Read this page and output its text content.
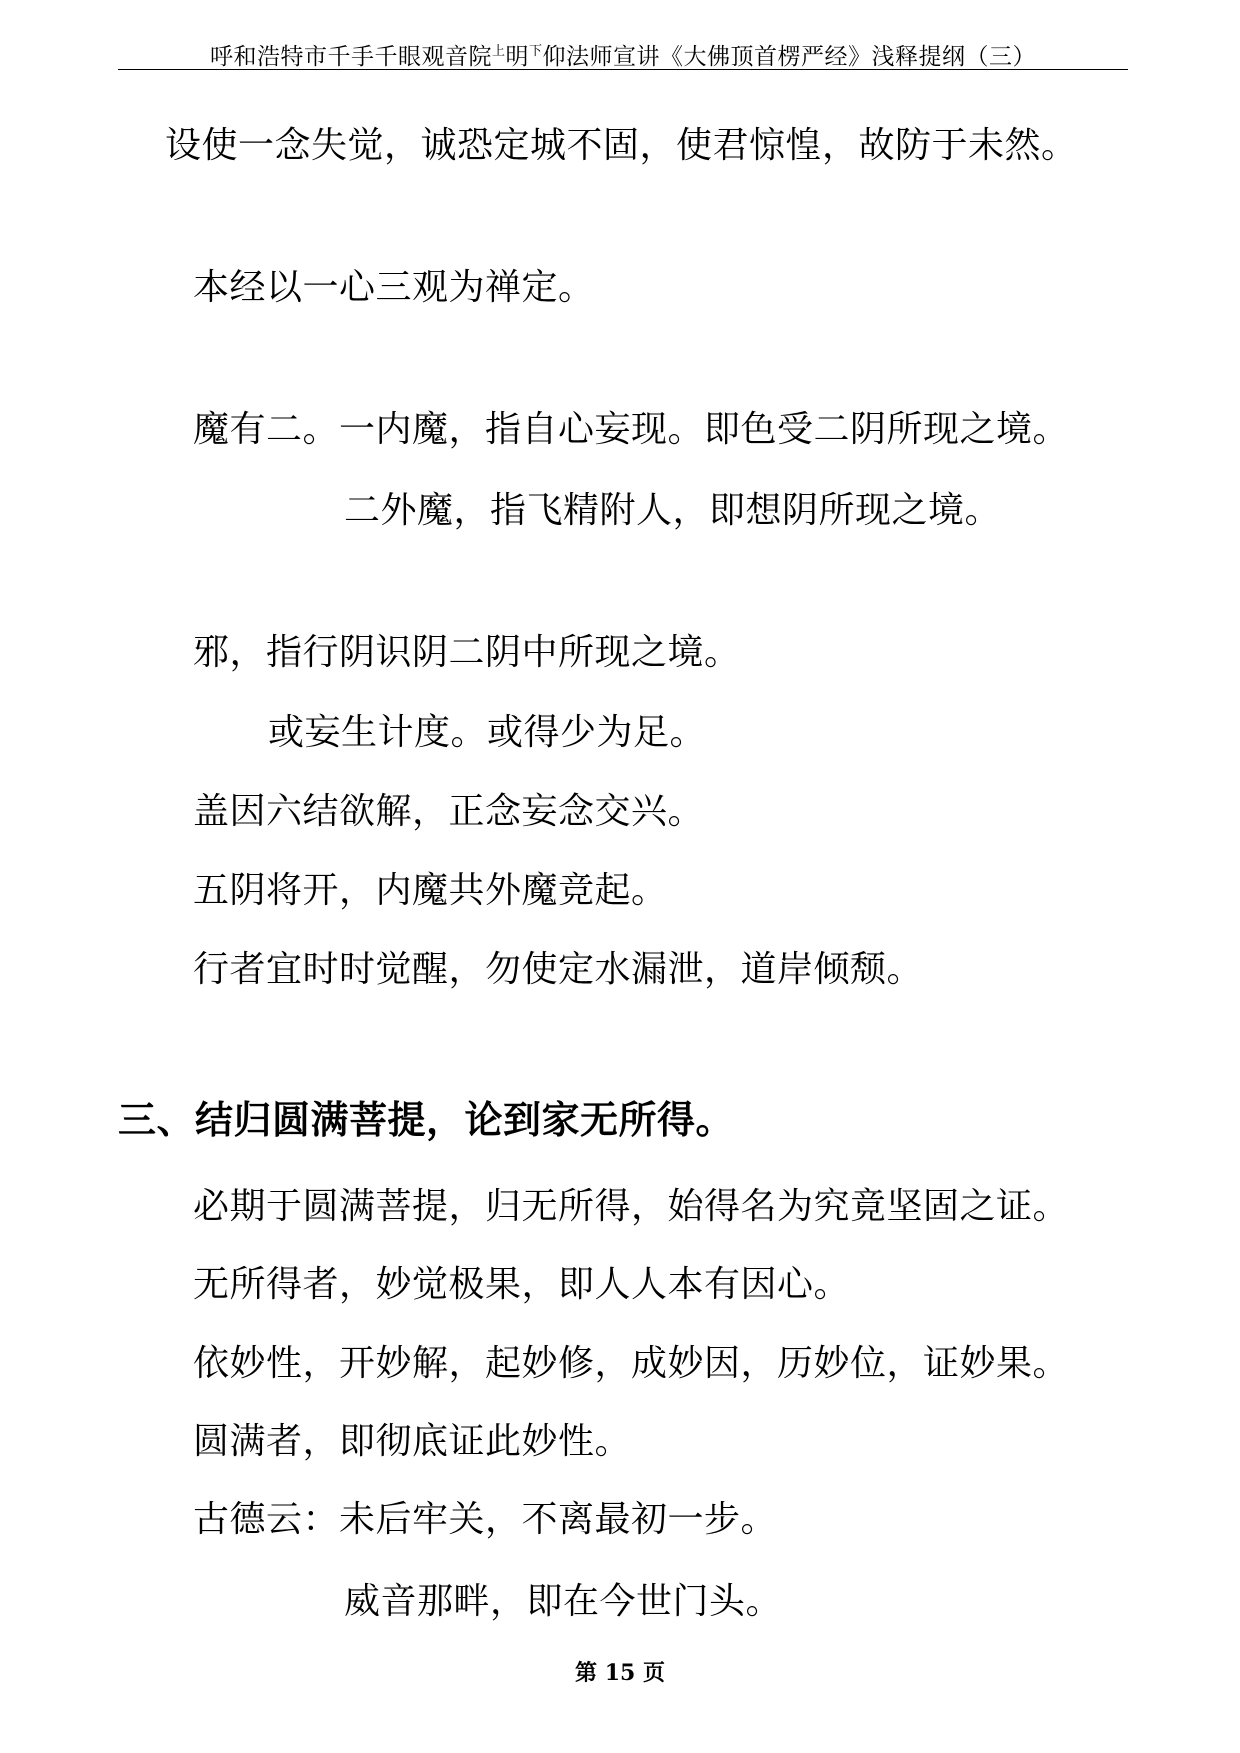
呼和浩特市千手千眼观音院$^上$明$^下$仰法师宣讲《大佛顶首楞严经》浅释提纲（三）
设使一念失觉，诚恐定城不固，使君惊惶，故防于未然。
本经以一心三观为禅定。
魔有二。一内魔，指自心妄现。即色受二阴所现之境。
二外魔，指飞精附人，即想阴所现之境。
邪，指行阴识阴二阴中所现之境。
或妄生计度。或得少为足。
盖因六结欲解，正念妄念交兴。
五阴将开，内魔共外魔竞起。
行者宜时时觉醒，勿使定水漏泄，道岸倾颓。
三、结归圆满菩提，论到家无所得。
必期于圆满菩提，归无所得，始得名为究竟坚固之证。
无所得者，妙觉极果，即人人本有因心。
依妙性，开妙解，起妙修，成妙因，历妙位，证妙果。
圆满者，即彻底证此妙性。
古德云：未后牢关，不离最初一步。
威音那畔，即在今世门头。
第 15 页
